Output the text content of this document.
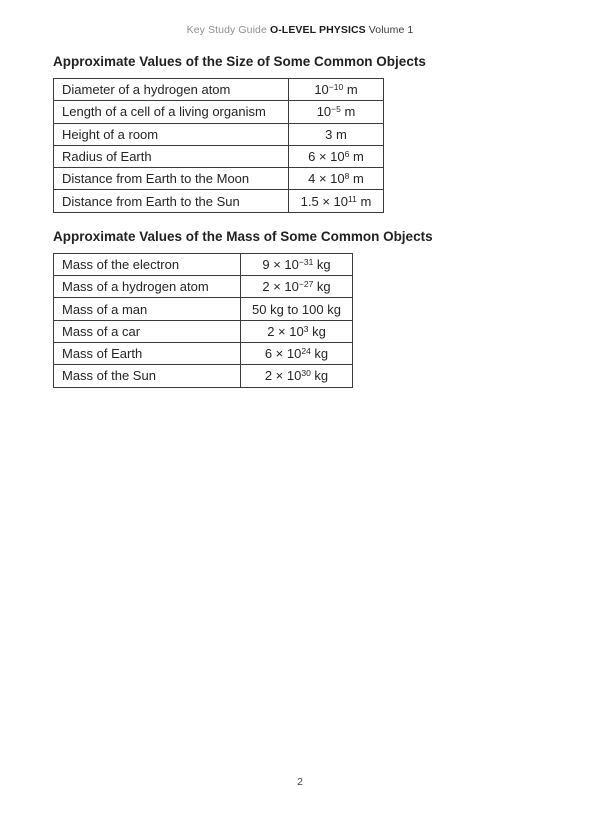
Key Study Guide O-LEVEL PHYSICS Volume 1
Approximate Values of the Size of Some Common Objects
Diameter of a hydrogen atom	$10^{-10}$ m
Length of a cell of a living organism	$10^{-5}$ m
Height of a room	3 m
Radius of Earth	$6 \times 10^6$ m
Distance from Earth to the Moon	$4 \times 10^8$ m
Distance from Earth to the Sun	$1.5 \times 10^{11}$ m
Approximate Values of the Mass of Some Common Objects
Mass of the electron	$9 \times 10^{-31}$ kg
Mass of a hydrogen atom	$2 \times 10^{-27}$ kg
Mass of a man	50 kg to 100 kg
Mass of a car	$2 \times 10^3$ kg
Mass of Earth	$6 \times 10^{24}$ kg
Mass of the Sun	$2 \times 10^{30}$ kg
2
